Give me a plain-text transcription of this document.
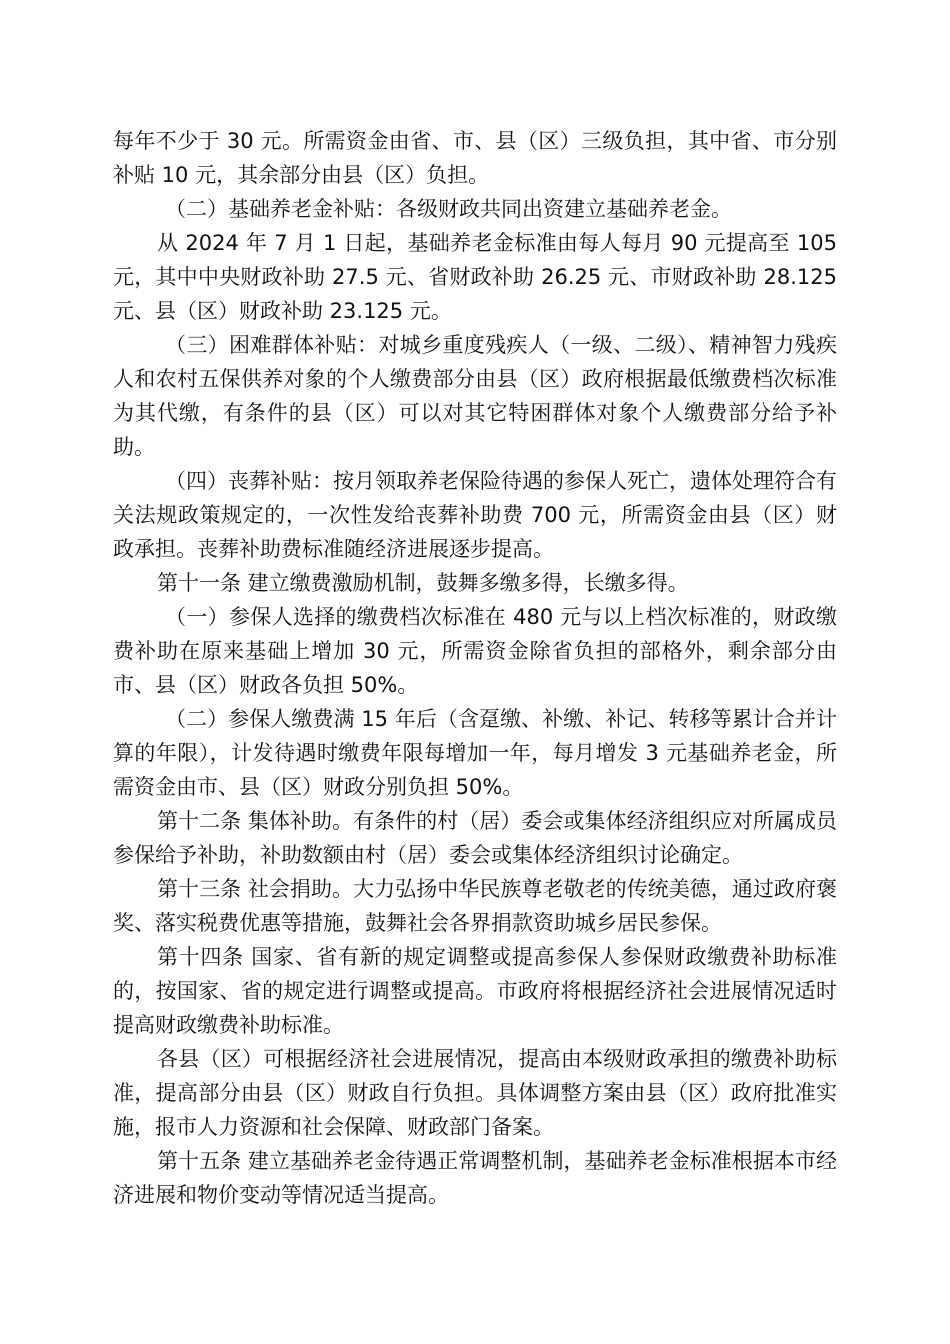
每年不少于 30 元。所需资金由省、市、县（区）三级负担，其中省、市分别补贴 10 元，其余部分由县（区）负担。

（二）基础养老金补贴：各级财政共同出资建立基础养老金。

从 2024 年 7 月 1 日起，基础养老金标准由每人每月 90 元提高至 105 元，其中中央财政补助 27.5 元、省财政补助 26.25 元、市财政补助 28.125 元、县（区）财政补助 23.125 元。

（三）困难群体补贴：对城乡重度残疾人（一级、二级）、精神智力残疾人和农村五保供养对象的个人缴费部分由县（区）政府根据最低缴费档次标准为其代缴，有条件的县（区）可以对其它特困群体对象个人缴费部分给予补助。

（四）丧葬补贴：按月领取养老保险待遇的参保人死亡，遗体处理符合有关法规政策规定的，一次性发给丧葬补助费 700 元，所需资金由县（区）财政承担。丧葬补助费标准随经济进展逐步提高。

第十一条 建立缴费激励机制，鼓舞多缴多得，长缴多得。

（一）参保人选择的缴费档次标准在 480 元与以上档次标准的，财政缴费补助在原来基础上增加 30 元，所需资金除省负担的部格外，剩余部分由市、县（区）财政各负担 50%。

（二）参保人缴费满 15 年后（含趸缴、补缴、补记、转移等累计合并计算的年限），计发待遇时缴费年限每增加一年，每月增发 3 元基础养老金，所需资金由市、县（区）财政分别负担 50%。

第十二条 集体补助。有条件的村（居）委会或集体经济组织应对所属成员参保给予补助，补助数额由村（居）委会或集体经济组织讨论确定。

第十三条 社会捐助。大力弘扬中华民族尊老敬老的传统美德，通过政府褒奖、落实税费优惠等措施，鼓舞社会各界捐款资助城乡居民参保。

第十四条 国家、省有新的规定调整或提高参保人参保财政缴费补助标准的，按国家、省的规定进行调整或提高。市政府将根据经济社会进展情况适时提高财政缴费补助标准。

各县（区）可根据经济社会进展情况，提高由本级财政承担的缴费补助标准，提高部分由县（区）财政自行负担。具体调整方案由县（区）政府批准实施，报市人力资源和社会保障、财政部门备案。

第十五条 建立基础养老金待遇正常调整机制，基础养老金标准根据本市经济进展和物价变动等情况适当提高。
